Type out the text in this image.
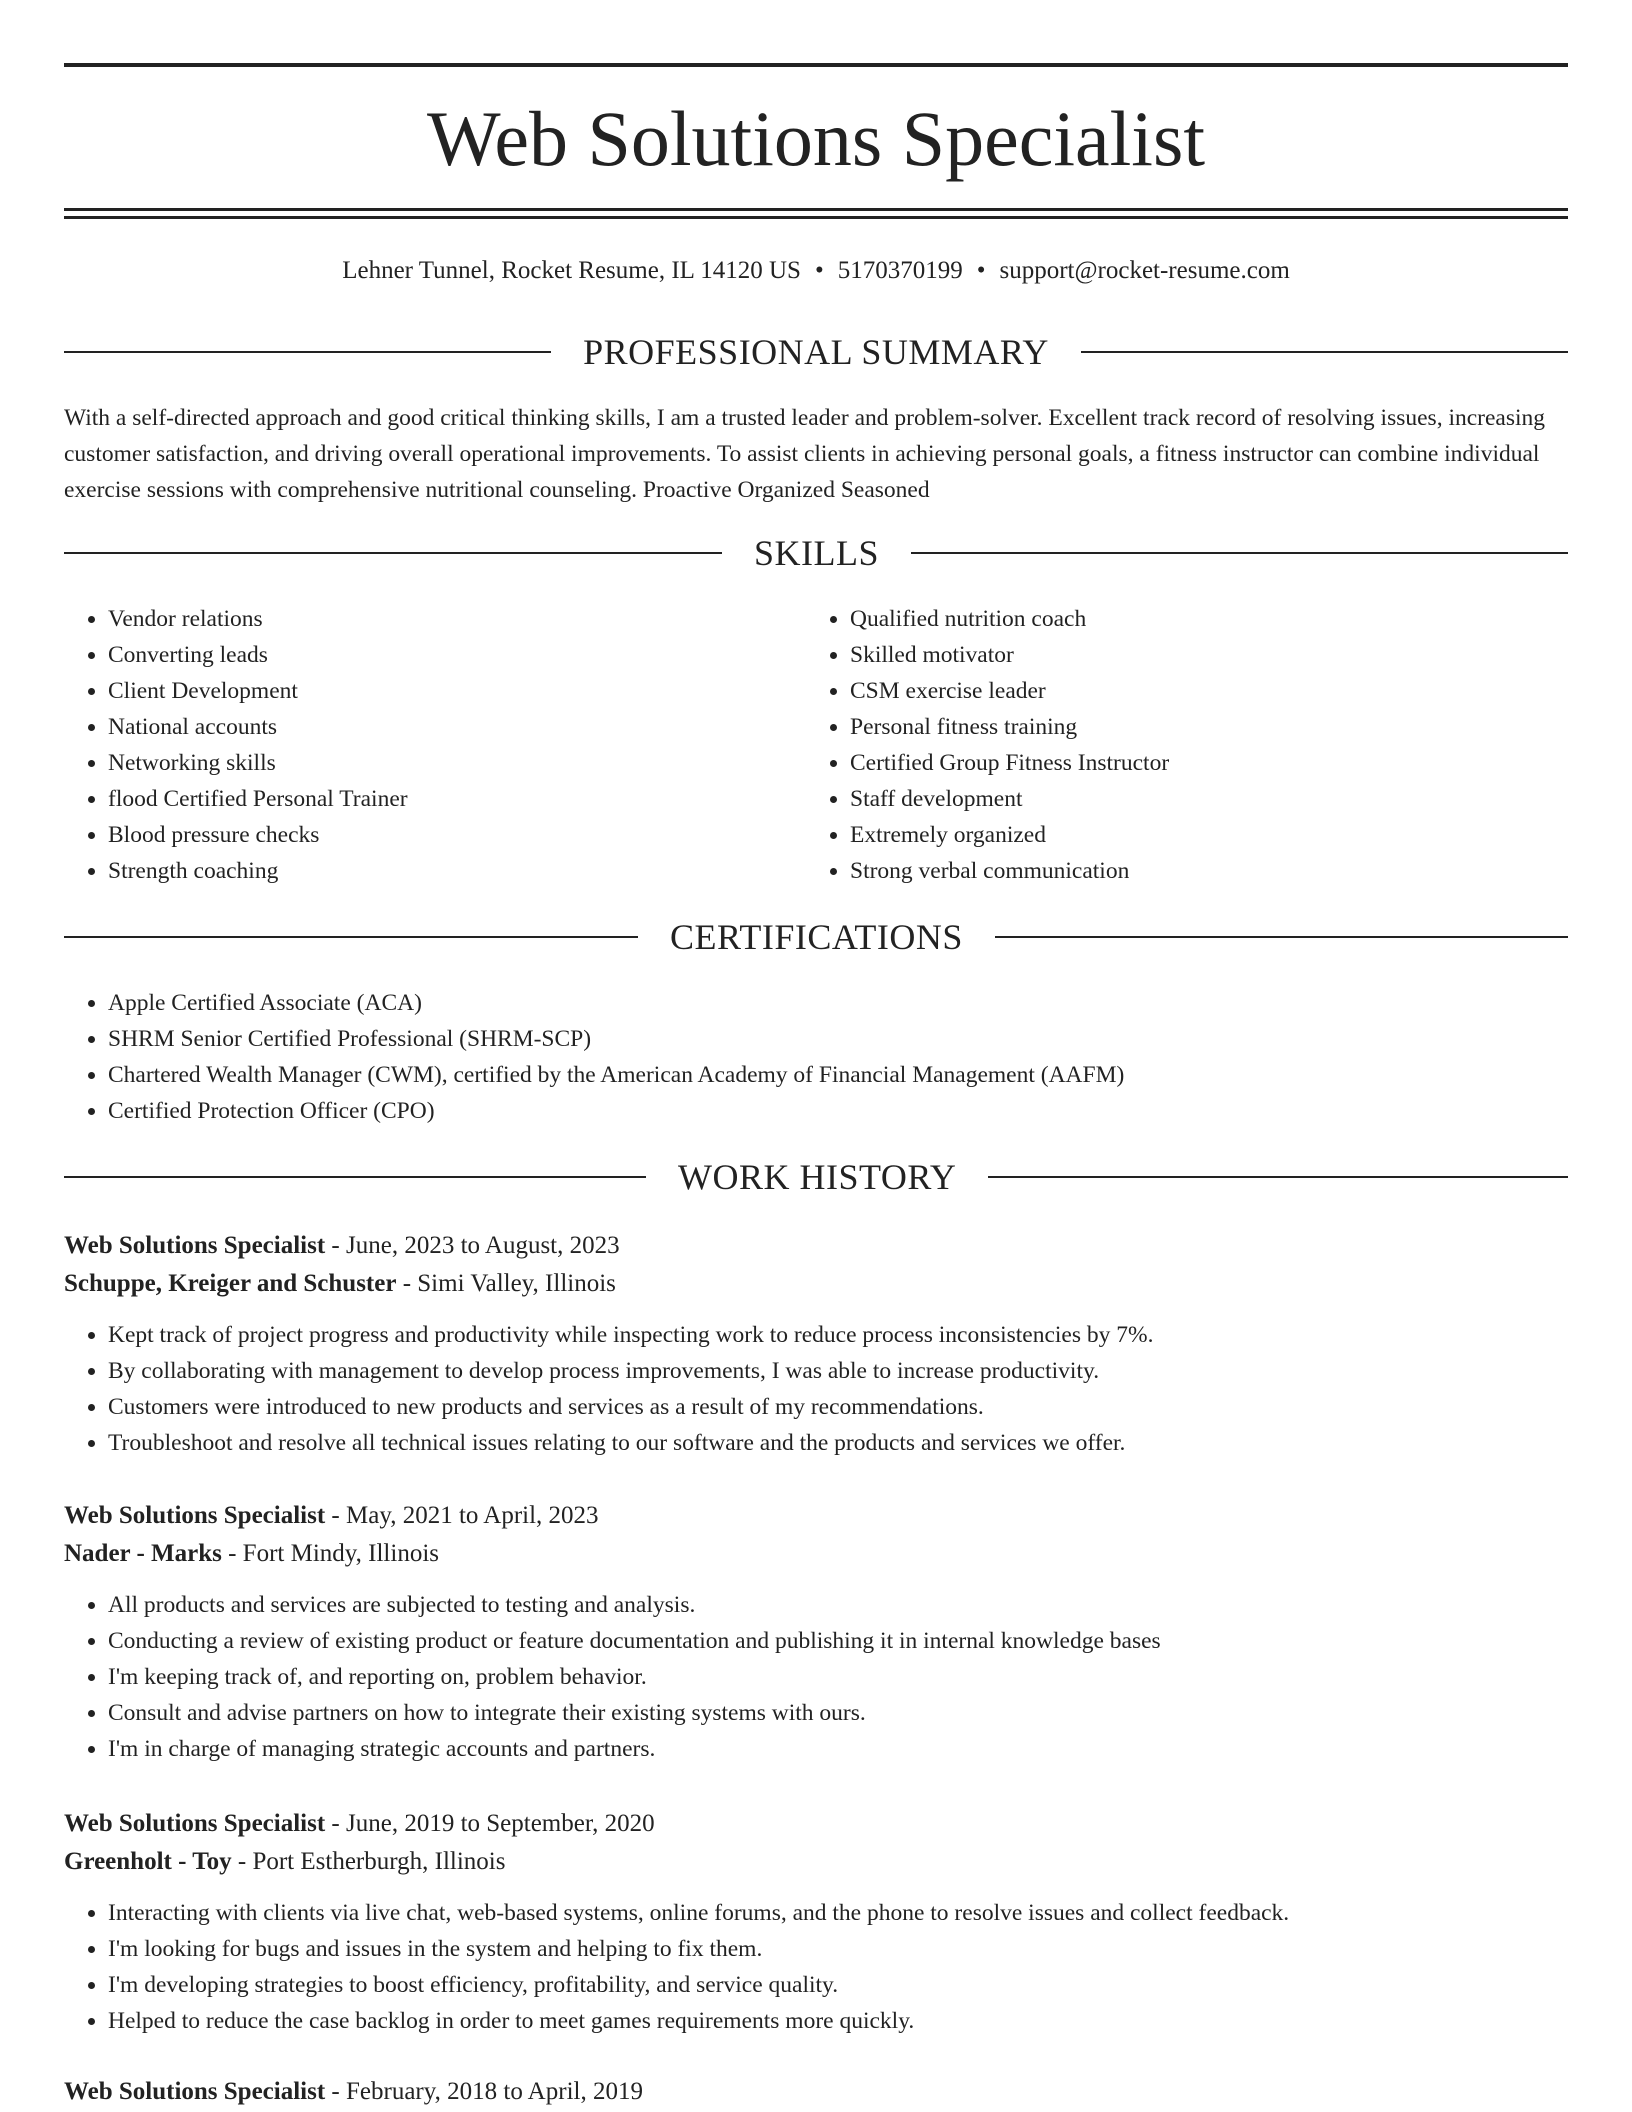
Web Solutions Specialist
Lehner Tunnel, Rocket Resume, IL 14120 US • 5170370199 • support@rocket-resume.com
PROFESSIONAL SUMMARY

With a self-directed approach and good critical thinking skills, I am a trusted leader and problem-solver. Excellent track record of resolving issues, increasing customer satisfaction, and driving overall operational improvements. To assist clients in achieving personal goals, a fitness instructor can combine individual exercise sessions with comprehensive nutritional counseling. Proactive Organized Seasoned

SKILLS
• Vendor relations
• Converting leads
• Client Development
• National accounts
• Networking skills
• flood Certified Personal Trainer
• Blood pressure checks
• Strength coaching
• Qualified nutrition coach
• Skilled motivator
• CSM exercise leader
• Personal fitness training
• Certified Group Fitness Instructor
• Staff development
• Extremely organized
• Strong verbal communication
CERTIFICATIONS
• Apple Certified Associate (ACA)
• SHRM Senior Certified Professional (SHRM-SCP)
• Chartered Wealth Manager (CWM), certified by the American Academy of Financial Management (AAFM)
• Certified Protection Officer (CPO)
WORK HISTORY

Web Solutions Specialist - June, 2023 to August, 2023

Schuppe, Kreiger and Schuster - Simi Valley, Illinois

• Kept track of project progress and productivity while inspecting work to reduce process inconsistencies by 7%.
• By collaborating with management to develop process improvements, I was able to increase productivity.
• Customers were introduced to new products and services as a result of my recommendations.
• Troubleshoot and resolve all technical issues relating to our software and the products and services we offer.

Web Solutions Specialist - May, 2021 to April, 2023

Nader - Marks - Fort Mindy, Illinois

• All products and services are subjected to testing and analysis.
• Conducting a review of existing product or feature documentation and publishing it in internal knowledge bases
• I'm keeping track of, and reporting on, problem behavior.
• Consult and advise partners on how to integrate their existing systems with ours.
• I'm in charge of managing strategic accounts and partners.

Web Solutions Specialist - June, 2019 to September, 2020

Greenholt - Toy - Port Estherburgh, Illinois

• Interacting with clients via live chat, web-based systems, online forums, and the phone to resolve issues and collect feedback.
• I'm looking for bugs and issues in the system and helping to fix them.
• I'm developing strategies to boost efficiency, profitability, and service quality.
• Helped to reduce the case backlog in order to meet games requirements more quickly.

Web Solutions Specialist - February, 2018 to April, 2019
